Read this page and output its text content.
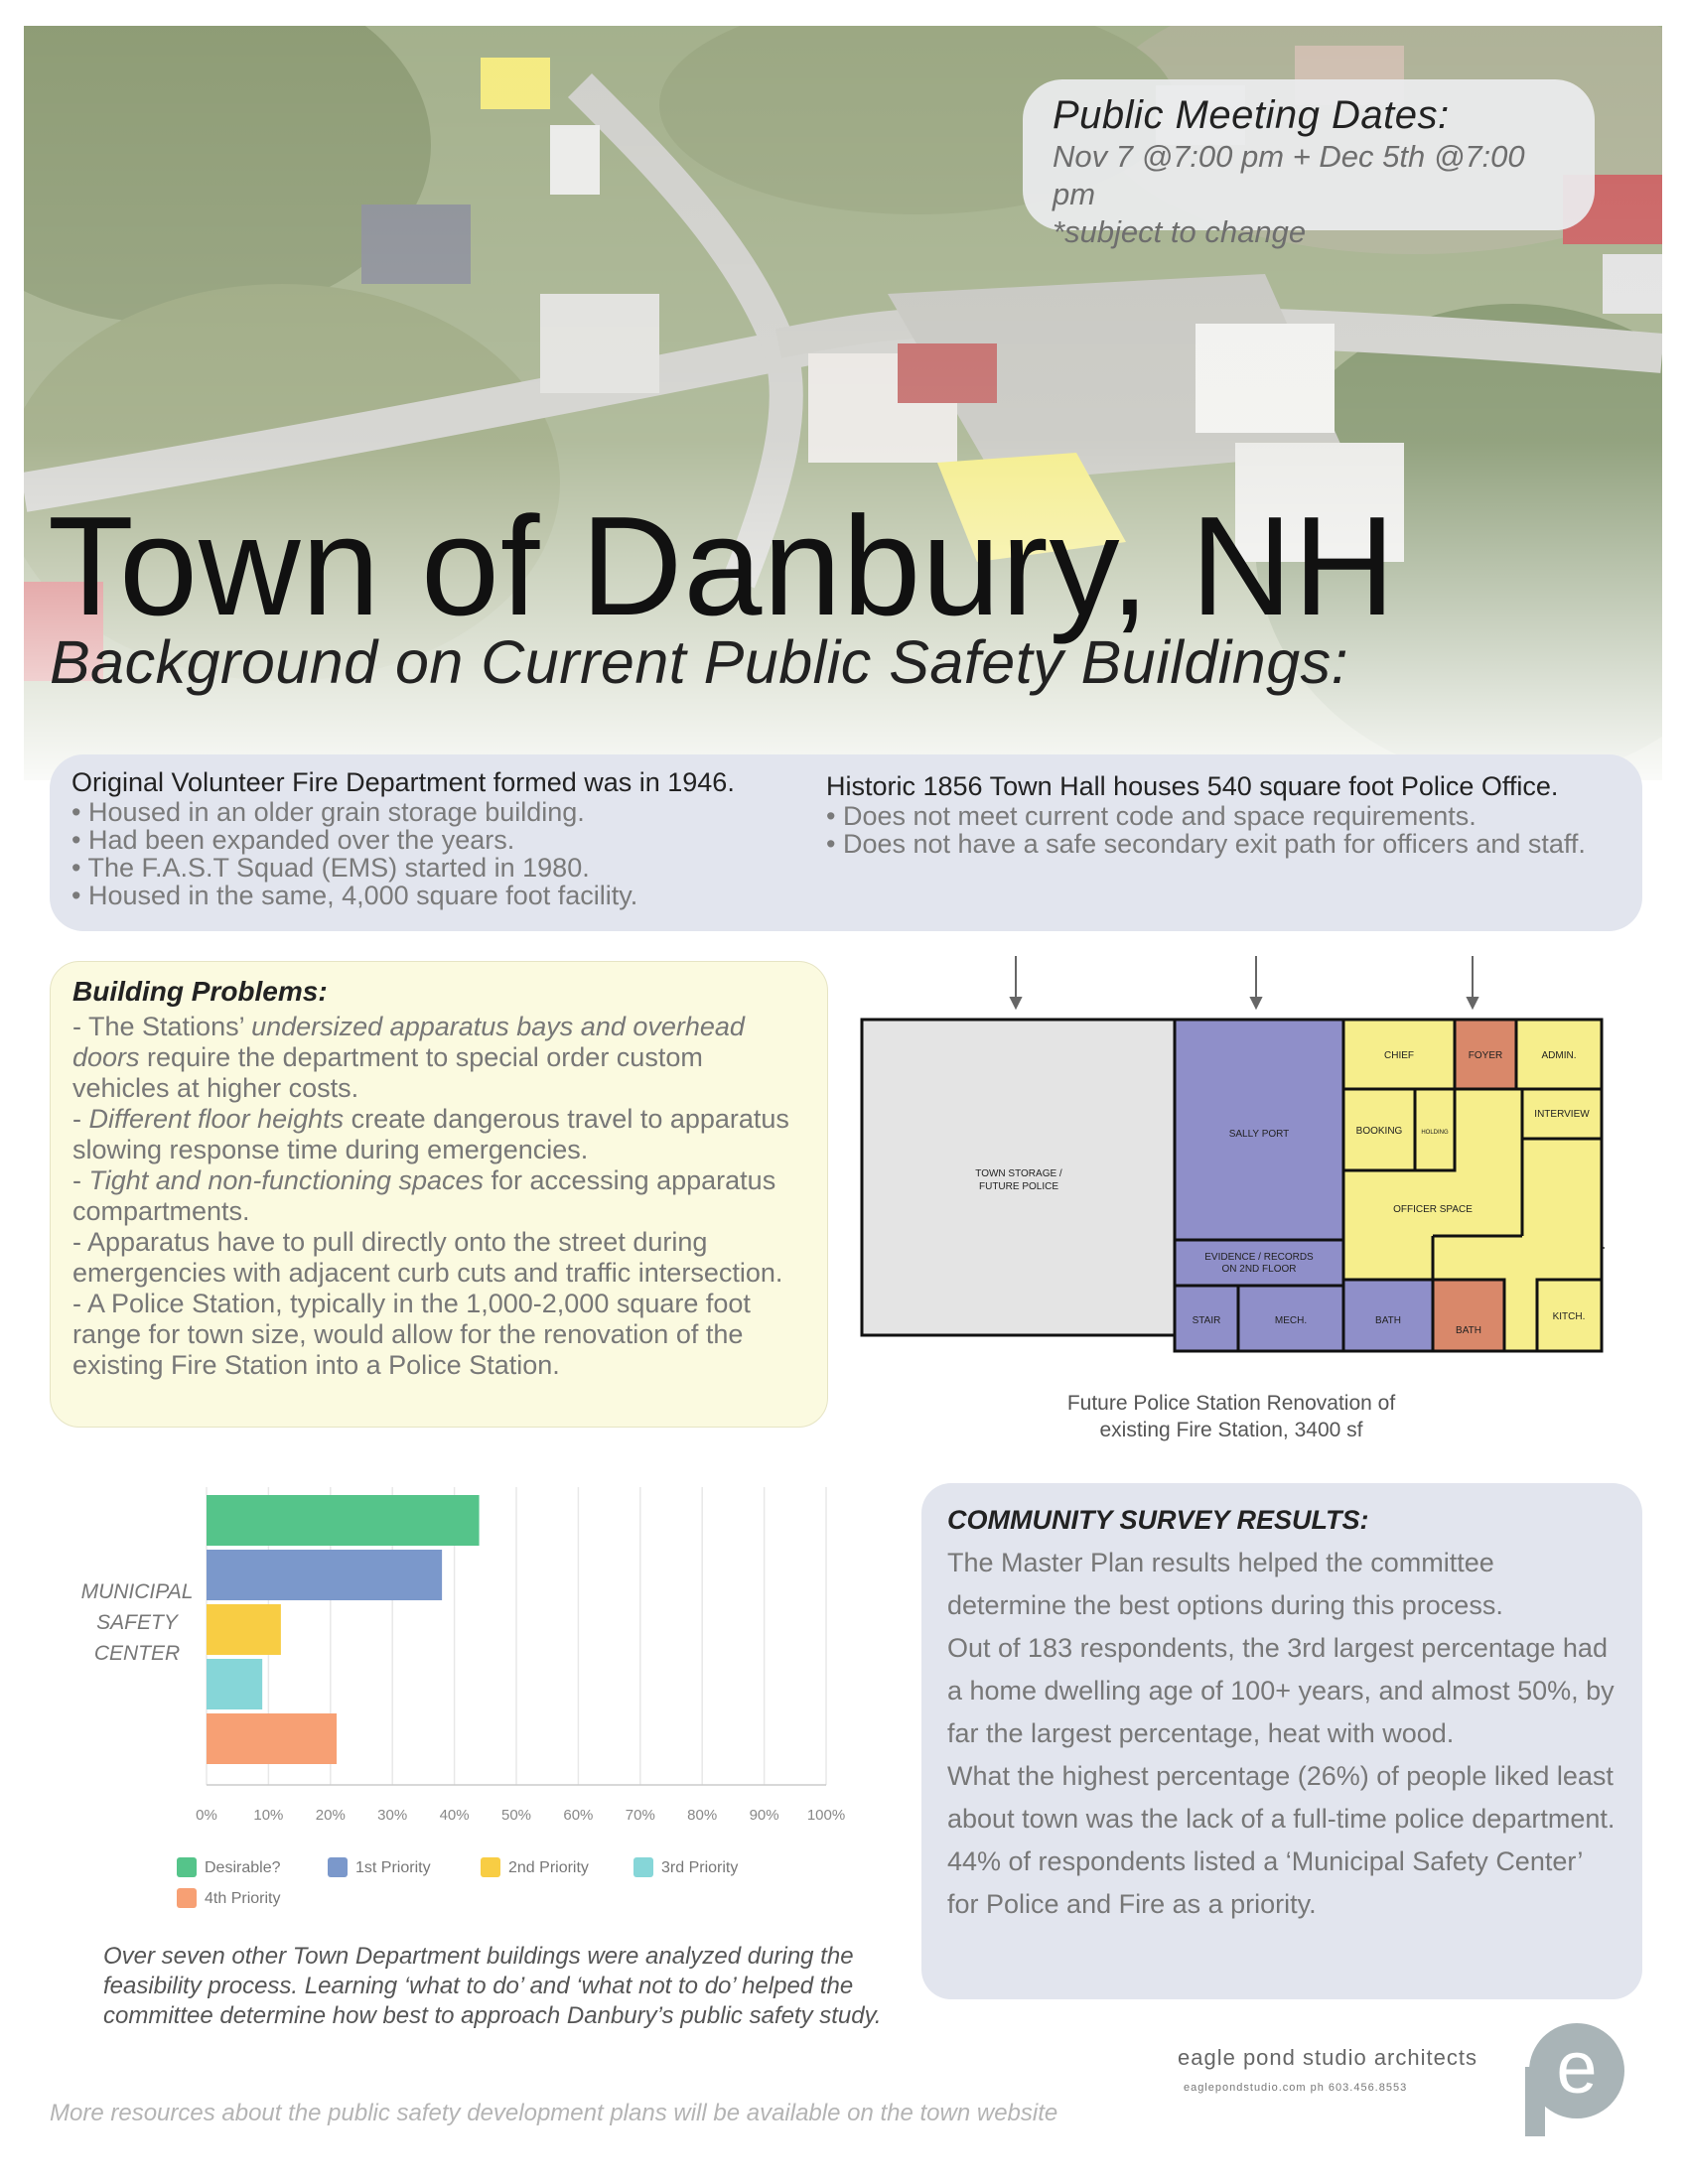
Public Meeting Dates:
Nov 7 @7:00 pm + Dec 5th @7:00 pm
*subject to change
Town of Danbury, NH
Background on Current Public Safety Buildings:
Original Volunteer Fire Department formed was in 1946.
• Housed in an older grain storage building.
• Had been expanded over the years.
• The F.A.S.T Squad (EMS) started in 1980.
• Housed in the same, 4,000 square foot facility.
Historic 1856 Town Hall houses 540 square foot Police Office.
• Does not meet current code and space requirements.
• Does not have a safe secondary exit path for officers and staff.
Building Problems:

- The Stations’ undersized apparatus bays and overhead doors require the department to special order custom vehicles at higher costs.

- Different floor heights create dangerous travel to apparatus slowing response time during emergencies.

- Tight and non-functioning spaces for accessing apparatus compartments.

- Apparatus have to pull directly onto the street during emergencies with adjacent curb cuts and traffic intersection.

- A Police Station, typically in the 1,000-2,000 square foot range for town size, would allow for the renovation of the existing Fire Station into a Police Station.

TOWN STORAGE /
FUTURE POLICE
SALLY PORT
EVIDENCE / RECORDS
ON 2ND FLOOR
STAIR	MECH.	BATH
BATH
CHIEF	FOYER	ADMIN.
BOOKING	HOLDING
INTERVIEW
OFFICER SPACE
KITCH.
Future Police Station Renovation of
existing Fire Station, 3400 sf
0% 10% 20% 30% 40% 50% 60% 70% 80% 90% 100%
MUNICIPAL
SAFETY
CENTER
Desirable?	1st Priority	2nd Priority	3rd Priority
4th Priority
Over seven other Town Department buildings were analyzed during the feasibility process. Learning ‘what to do’ and ‘what not to do’ helped the committee determine how best to approach Danbury’s public safety study.
COMMUNITY SURVEY RESULTS:

The Master Plan results helped the committee determine the best options during this process.

Out of 183 respondents, the 3rd largest percentage had a home dwelling age of 100+ years, and almost 50%, by far the largest percentage, heat with wood.

What the highest percentage (26%) of people liked least about town was the lack of a full-time police department.

44% of respondents listed a ‘Municipal Safety Center’ for Police and Fire as a priority.

More resources about the public safety development plans will be available on the town website
eagle pond studio architects
eaglepondstudio.com ph 603.456.8553 e
